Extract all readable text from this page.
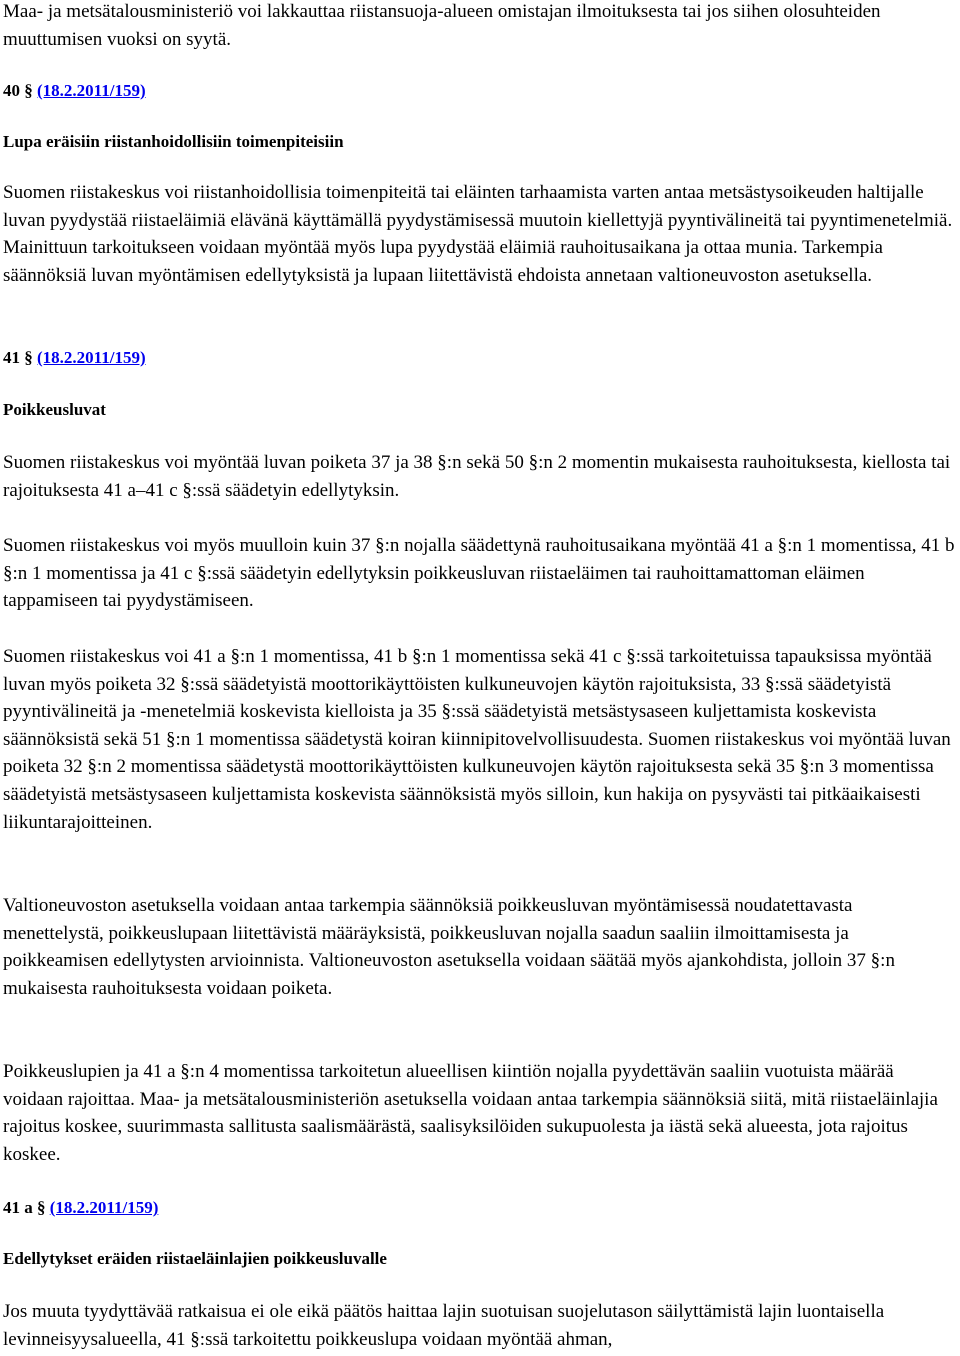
Maa- ja metsätalousministeriö voi lakkauttaa riistansuoja-alueen omistajan ilmoituksesta tai jos siihen olosuhteiden muuttumisen vuoksi on syytä.

40 § (18.2.2011/159)

Lupa eräisiin riistanhoidollisiin toimenpiteisiin

Suomen riistakeskus voi riistanhoidollisia toimenpiteitä tai eläinten tarhaamista varten antaa metsästysoikeuden haltijalle luvan pyydystää riistaeläimiä elävänä käyttämällä pyydystämisessä muutoin kiellettyjä pyyntivälineitä tai pyyntimenetelmiä. Mainittuun tarkoitukseen voidaan myöntää myös lupa pyydystää eläimiä rauhoitusaikana ja ottaa munia. Tarkempia säännöksiä luvan myöntämisen edellytyksistä ja lupaan liitettävistä ehdoista annetaan valtioneuvoston asetuksella.

41 § (18.2.2011/159)

Poikkeusluvat

Suomen riistakeskus voi myöntää luvan poiketa 37 ja 38 §:n sekä 50 §:n 2 momentin mukaisesta rauhoituksesta, kiellosta tai rajoituksesta 41 a–41 c §:ssä säädetyin edellytyksin.

Suomen riistakeskus voi myös muulloin kuin 37 §:n nojalla säädettynä rauhoitusaikana myöntää 41 a §:n 1 momentissa, 41 b §:n 1 momentissa ja 41 c §:ssä säädetyin edellytyksin poikkeusluvan riistaeläimen tai rauhoittamattoman eläimen tappamiseen tai pyydystämiseen.

Suomen riistakeskus voi 41 a §:n 1 momentissa, 41 b §:n 1 momentissa sekä 41 c §:ssä tarkoitetuissa tapauksissa myöntää luvan myös poiketa 32 §:ssä säädetyistä moottorikäyttöisten kulkuneuvojen käytön rajoituksista, 33 §:ssä säädetyistä pyyntivälineitä ja -menetelmiä koskevista kielloista ja 35 §:ssä säädetyistä metsästysaseen kuljettamista koskevista säännöksistä sekä 51 §:n 1 momentissa säädetystä koiran kiinnipitovelvollisuudesta. Suomen riistakeskus voi myöntää luvan poiketa 32 §:n 2 momentissa säädetystä moottorikäyttöisten kulkuneuvojen käytön rajoituksesta sekä 35 §:n 3 momentissa säädetyistä metsästysaseen kuljettamista koskevista säännöksistä myös silloin, kun hakija on pysyvästi tai pitkäaikaisesti liikuntarajoitteinen.

Valtioneuvoston asetuksella voidaan antaa tarkempia säännöksiä poikkeusluvan myöntämisessä noudatettavasta menettelystä, poikkeuslupaan liitettävistä määräyksistä, poikkeusluvan nojalla saadun saaliin ilmoittamisesta ja poikkeamisen edellytysten arvioinnista. Valtioneuvoston asetuksella voidaan säätää myös ajankohdista, jolloin 37 §:n mukaisesta rauhoituksesta voidaan poiketa.

Poikkeuslupien ja 41 a §:n 4 momentissa tarkoitetun alueellisen kiintiön nojalla pyydettävän saaliin vuotuista määrää voidaan rajoittaa. Maa- ja metsätalousministeriön asetuksella voidaan antaa tarkempia säännöksiä siitä, mitä riistaeläinlajia rajoitus koskee, suurimmasta sallitusta saalismäärästä, saalisyksilöiden sukupuolesta ja iästä sekä alueesta, jota rajoitus koskee.

41 a § (18.2.2011/159)

Edellytykset eräiden riistaeläinlajien poikkeusluvalle

Jos muuta tyydyttävää ratkaisua ei ole eikä päätös haittaa lajin suotuisan suojelutason säilyttämistä lajin luontaisella levinneisyysalueella, 41 §:ssä tarkoitettu poikkeuslupa voidaan myöntää ahman,
